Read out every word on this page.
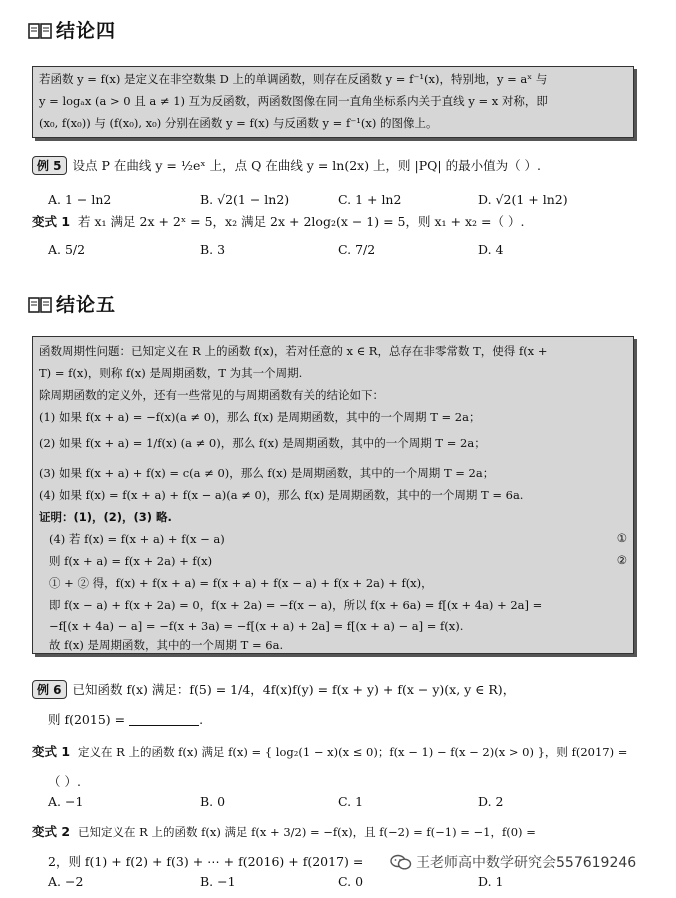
结论四
若函数 y = f(x) 是定义在非空数集 D 上的单调函数，则存在反函数 y = f⁻¹(x)，特别地，y = aˣ 与
y = logₐx (a > 0 且 a ≠ 1) 互为反函数，两函数图像在同一直角坐标系内关于直线 y = x 对称，即
(x₀, f(x₀)) 与 (f(x₀), x₀) 分别在函数 y = f(x) 与反函数 y = f⁻¹(x) 的图像上。
例 5 设点 P 在曲线 y = ½eˣ 上，点 Q 在曲线 y = ln(2x) 上，则 |PQ| 的最小值为（ ）.
A. 1 − ln2	B. √2(1 − ln2)	C. 1 + ln2	D. √2(1 + ln2)
变式 1 若 x₁ 满足 2x + 2ˣ = 5，x₂ 满足 2x + 2log₂(x − 1) = 5，则 x₁ + x₂ =（ ）.
A. 5/2	B. 3	C. 7/2	D. 4
结论五
函数周期性问题：已知定义在 R 上的函数 f(x)，若对任意的 x ∈ R，总存在非零常数 T，使得 f(x +
T) = f(x)，则称 f(x) 是周期函数，T 为其一个周期.
除周期函数的定义外，还有一些常见的与周期函数有关的结论如下：
(1) 如果 f(x + a) = −f(x)(a ≠ 0)，那么 f(x) 是周期函数，其中的一个周期 T = 2a；
(2) 如果 f(x + a) = 1/f(x) (a ≠ 0)，那么 f(x) 是周期函数，其中的一个周期 T = 2a；
(3) 如果 f(x + a) + f(x) = c(a ≠ 0)，那么 f(x) 是周期函数，其中的一个周期 T = 2a；
(4) 如果 f(x) = f(x + a) + f(x − a)(a ≠ 0)，那么 f(x) 是周期函数，其中的一个周期 T = 6a.
证明：(1)，(2)，(3) 略.
(4) 若 f(x) = f(x + a) + f(x − a)	①
则 f(x + a) = f(x + 2a) + f(x)	②
① + ② 得，f(x) + f(x + a) = f(x + a) + f(x − a) + f(x + 2a) + f(x)，
即 f(x − a) + f(x + 2a) = 0，f(x + 2a) = −f(x − a)，所以 f(x + 6a) = f[(x + 4a) + 2a] =
−f[(x + 4a) − a] = −f(x + 3a) = −f[(x + a) + 2a] = f[(x + a) − a] = f(x).
故 f(x) 是周期函数，其中的一个周期 T = 6a.
例 6 已知函数 f(x) 满足：f(5) = 1/4，4f(x)f(y) = f(x + y) + f(x − y)(x, y ∈ R)，
则 f(2015) =	.
变式 1 定义在 R 上的函数 f(x) 满足 f(x) = { log₂(1 − x)(x ≤ 0)；f(x − 1) − f(x − 2)(x > 0) }，则 f(2017) =
（ ）.
A. −1	B. 0	C. 1	D. 2
变式 2 已知定义在 R 上的函数 f(x) 满足 f(x + 3/2) = −f(x)，且 f(−2) = f(−1) = −1，f(0) =
2，则 f(1) + f(2) + f(3) + ⋯ + f(2016) + f(2017) =
A. −2	B. −1	C. 0	D. 1
王老师高中数学研究会557619246
